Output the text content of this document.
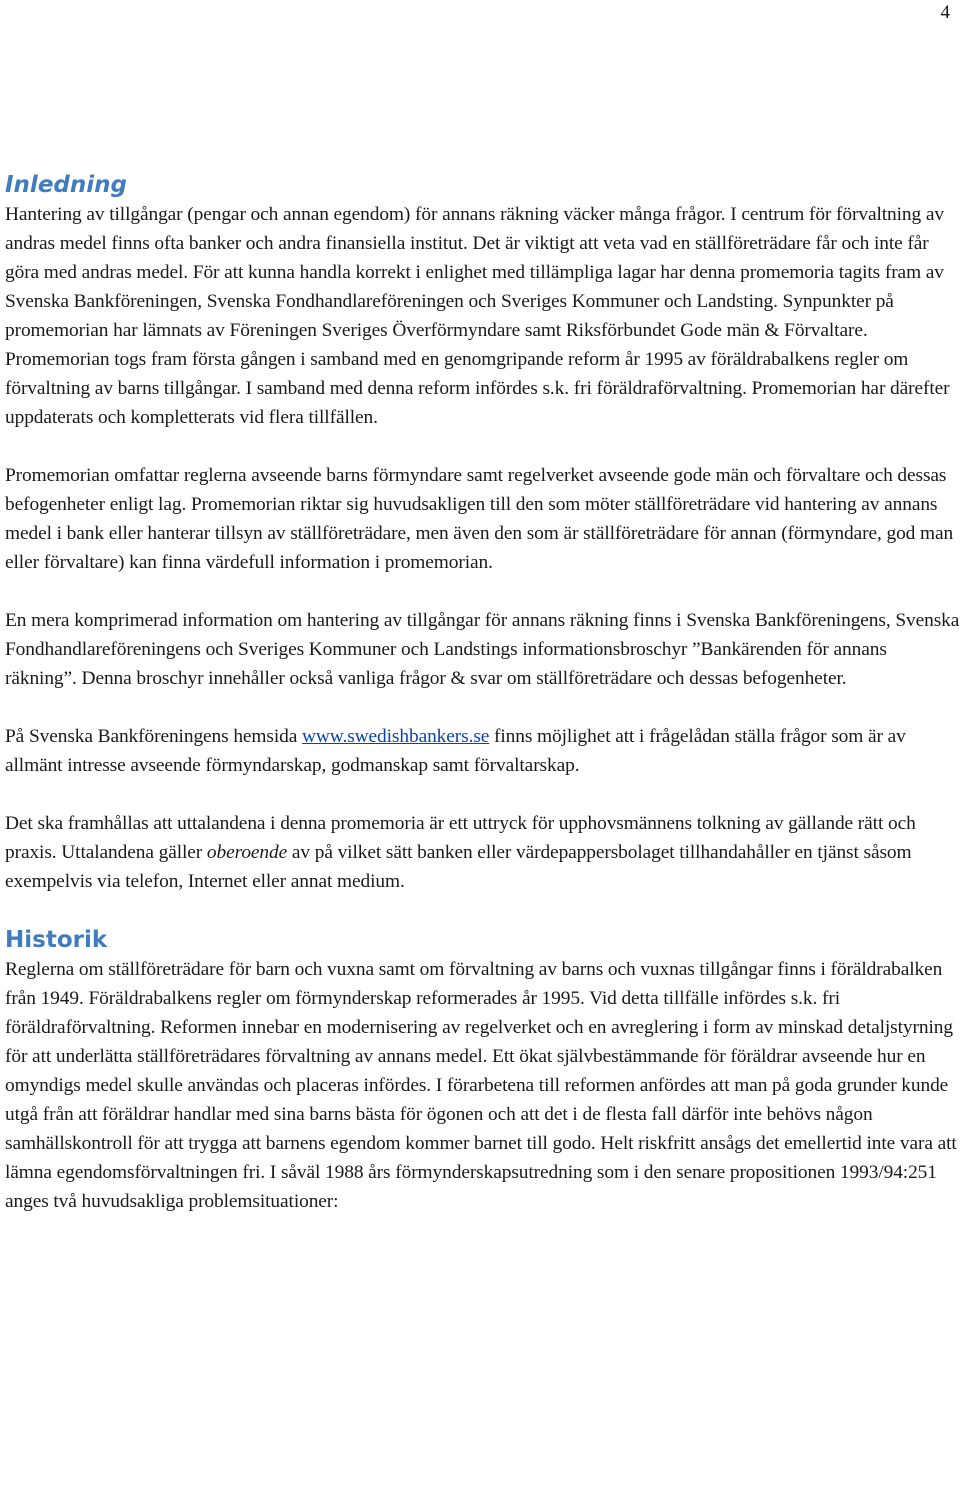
4
Inledning

Hantering av tillgångar (pengar och annan egendom) för annans räkning väcker många frågor. I centrum för förvaltning av andras medel finns ofta banker och andra finansiella institut. Det är viktigt att veta vad en ställföreträdare får och inte får göra med andras medel. För att kunna handla korrekt i enlighet med tillämpliga lagar har denna promemoria tagits fram av Svenska Bankföreningen, Svenska Fondhandlareföreningen och Sveriges Kommuner och Landsting. Synpunkter på promemorian har lämnats av Föreningen Sveriges Överförmyndare samt Riksförbundet Gode män & Förvaltare. Promemorian togs fram första gången i samband med en genomgripande reform år 1995 av föräldrabalkens regler om förvaltning av barns tillgångar. I samband med denna reform infördes s.k. fri föräldraförvaltning. Promemorian har därefter uppdaterats och kompletterats vid flera tillfällen.

Promemorian omfattar reglerna avseende barns förmyndare samt regelverket avseende gode män och förvaltare och dessas befogenheter enligt lag. Promemorian riktar sig huvudsakligen till den som möter ställföreträdare vid hantering av annans medel i bank eller hanterar tillsyn av ställföreträdare, men även den som är ställföreträdare för annan (förmyndare, god man eller förvaltare) kan finna värdefull information i promemorian.

En mera komprimerad information om hantering av tillgångar för annans räkning finns i Svenska Bankföreningens, Svenska Fondhandlareföreningens och Sveriges Kommuner och Landstings informationsbroschyr ”Bankärenden för annans räkning”. Denna broschyr innehåller också vanliga frågor & svar om ställföreträdare och dessas befogenheter.

På Svenska Bankföreningens hemsida www.swedishbankers.se finns möjlighet att i frågelådan ställa frågor som är av allmänt intresse avseende förmyndarskap, godmanskap samt förvaltarskap.

Det ska framhållas att uttalandena i denna promemoria är ett uttryck för upphovsmännens tolkning av gällande rätt och praxis. Uttalandena gäller oberoende av på vilket sätt banken eller värdepappersbolaget tillhandahåller en tjänst såsom exempelvis via telefon, Internet eller annat medium.

Historik

Reglerna om ställföreträdare för barn och vuxna samt om förvaltning av barns och vuxnas tillgångar finns i föräldrabalken från 1949. Föräldrabalkens regler om förmynderskap reformerades år 1995. Vid detta tillfälle infördes s.k. fri föräldraförvaltning. Reformen innebar en modernisering av regelverket och en avreglering i form av minskad detaljstyrning för att underlätta ställföreträdares förvaltning av annans medel. Ett ökat självbestämmande för föräldrar avseende hur en omyndigs medel skulle användas och placeras infördes. I förarbetena till reformen anfördes att man på goda grunder kunde utgå från att föräldrar handlar med sina barns bästa för ögonen och att det i de flesta fall därför inte behövs någon samhällskontroll för att trygga att barnens egendom kommer barnet till godo. Helt riskfritt ansågs det emellertid inte vara att lämna egendomsförvaltningen fri. I såväl 1988 års förmynderskapsutredning som i den senare propositionen 1993/94:251 anges två huvudsakliga problemsituationer:
